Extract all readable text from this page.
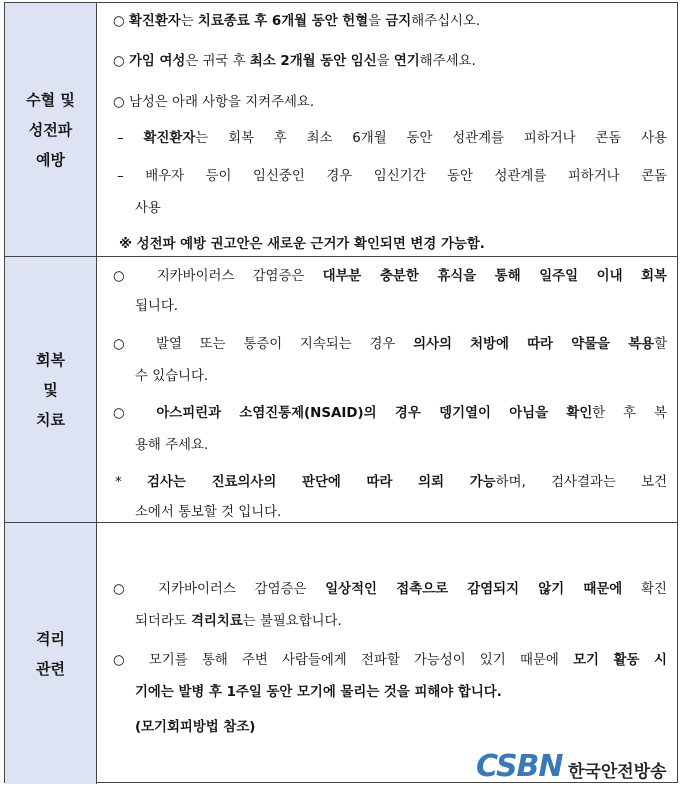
수혈 및
성전파
예방
○ 확진환자는 치료종료 후 6개월 동안 헌혈을 금지해주십시오.
○ 가임 여성은 귀국 후 최소 2개월 동안 임신을 연기해주세요.
○ 남성은 아래 사항을 지켜주세요.
– 확진환자는 회복 후 최소 6개월 동안 성관계를 피하거나 콘돔 사용
– 배우자 등이 임신중인 경우 임신기간 동안 성관계를 피하거나 콘돔
사용
※ 성전파 예방 권고안은 새로운 근거가 확인되면 변경 가능함.
회복
및
치료
○ 지카바이러스 감염증은 대부분 충분한 휴식을 통해 일주일 이내 회복
됩니다.
○ 발열 또는 통증이 지속되는 경우 의사의 처방에 따라 약물을 복용할
수 있습니다.
○ 아스피린과 소염진통제(NSAID)의 경우 뎅기열이 아님을 확인한 후 복
용해 주세요.
* 검사는 진료의사의 판단에 따라 의뢰 가능하며, 검사결과는 보건
소에서 통보할 것 입니다.
격리
관련
○ 지카바이러스 감염증은 일상적인 접촉으로 감염되지 않기 때문에 확진
되더라도 격리치료는 불필요합니다.
○ 모기를 통해 주변 사람들에게 전파할 가능성이 있기 때문에 모기 활동 시
기에는 발병 후 1주일 동안 모기에 물리는 것을 피해야 합니다.
(모기회피방법 참조)
CSBN 한국안전방송
